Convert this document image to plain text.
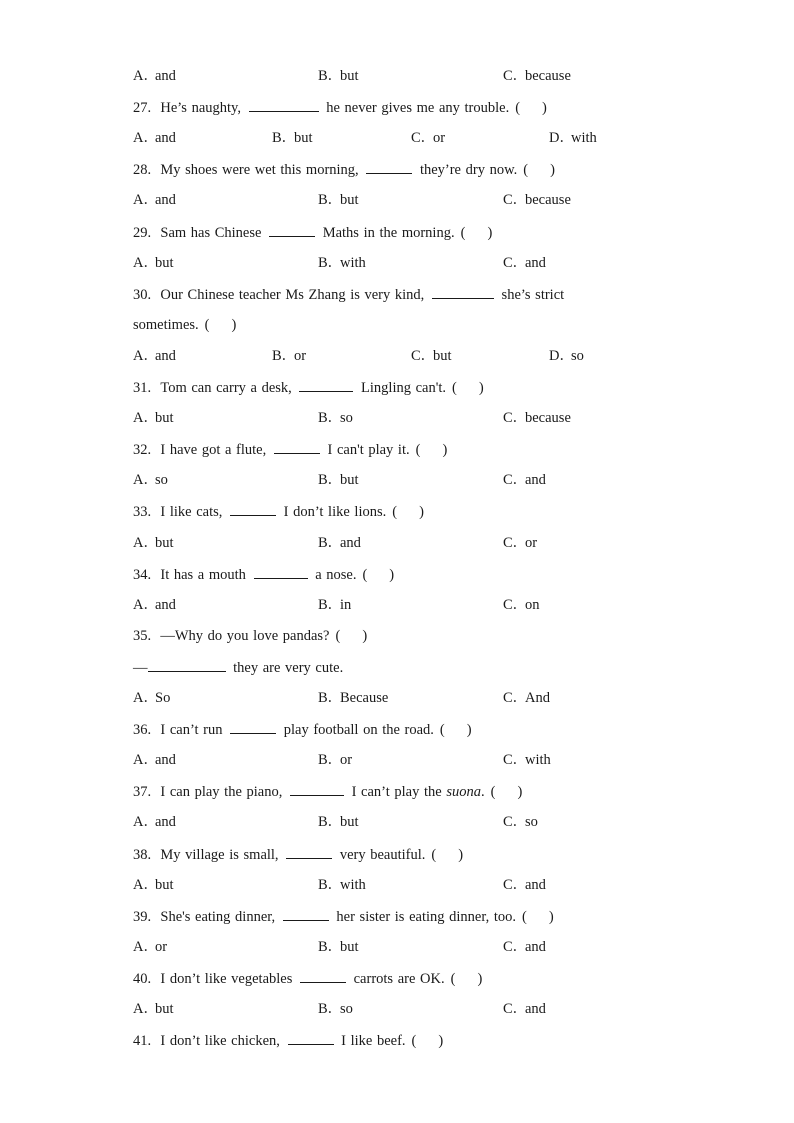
A．and	B．but	C．because
27.  He’s naughty,	he never gives me any trouble. ( )
A．and	B．but	C．or	D．with
28.  My shoes were wet this morning,	they’re dry now. ( )
A．and	B．but	C．because
29.  Sam has Chinese	Maths in the morning. ( )
A．but	B．with	C．and
30.  Our Chinese teacher Ms Zhang is very kind,	she’s strict
sometimes. ( )
A．and	B．or	C．but	D．so
31.  Tom can carry a desk,	Lingling can't. ( )
A．but	B．so	C．because
32.  I have got a flute,	I can't play it. ( )
A．so	B．but	C．and
33.  I like cats,	I don’t like lions. ( )
A．but	B．and	C．or
34.  It has a mouth	a nose. ( )
A．and	B．in	C．on
35.  —Why do you love pandas? ( )
—	they are very cute.
A．So	B．Because	C．And
36.  I can’t run	play football on the road. ( )
A．and	B．or	C．with
37.  I can play the piano,	I can’t play the suona. ( )
A．and	B．but	C．so
38.  My village is small,	very beautiful. ( )
A．but	B．with	C．and
39.  She's eating dinner,	her sister is eating dinner, too. ( )
A．or	B．but	C．and
40.  I don’t like vegetables	carrots are OK. ( )
A．but	B．so	C．and
41.  I don’t like chicken,	I like beef. ( )
